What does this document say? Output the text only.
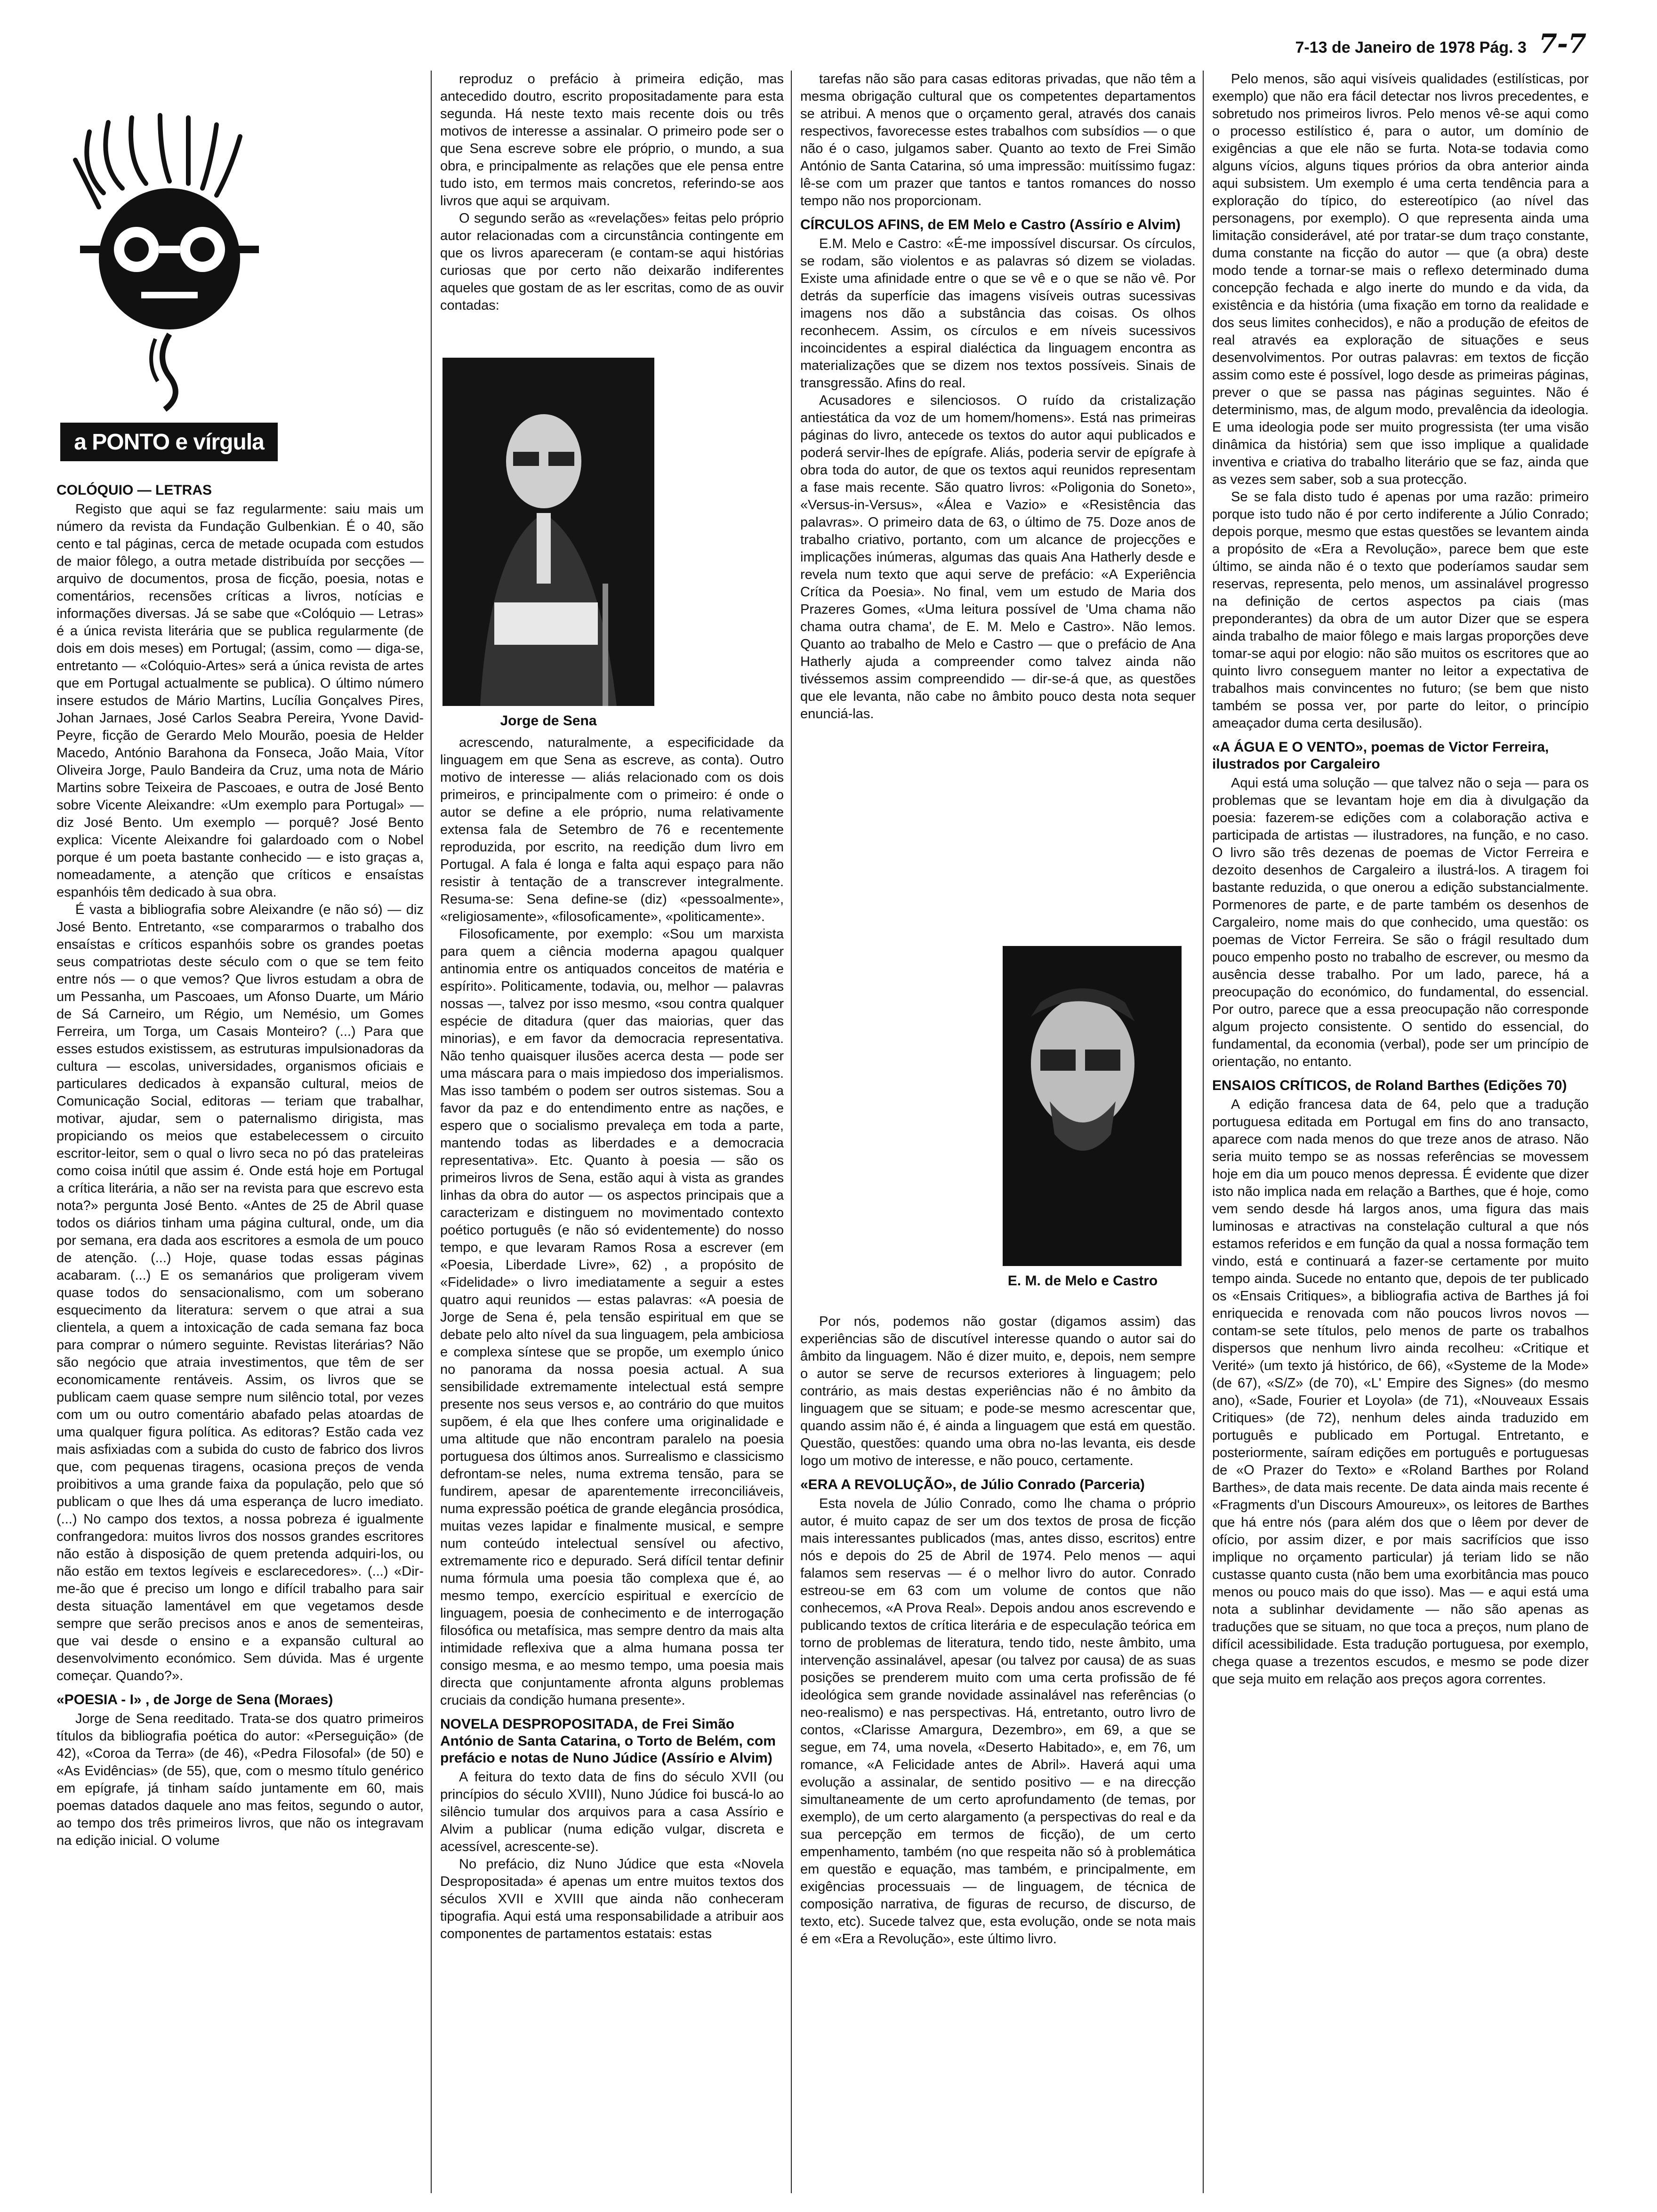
7-13 de Janeiro de 1978 Pág. 3 7-7
a PONTO e vírgula
COLÓQUIO — LETRAS

Registo que aqui se faz regularmente: saiu mais um número da revista da Fundação Gulbenkian. É o 40, são cento e tal páginas, cerca de metade ocupada com estudos de maior fôlego, a outra metade distribuída por secções — arquivo de documentos, prosa de ficção, poesia, notas e comentários, recensões críticas a livros, notícias e informações diversas. Já se sabe que «Colóquio — Letras» é a única revista literária que se publica regularmente (de dois em dois meses) em Portugal; (assim, como — diga-se, entretanto — «Colóquio-Artes» será a única revista de artes que em Portugal actualmente se publica). O último número insere estudos de Mário Martins, Lucília Gonçalves Pires, Johan Jarnaes, José Carlos Seabra Pereira, Yvone David-Peyre, ficção de Gerardo Melo Mourão, poesia de Helder Macedo, António Barahona da Fonseca, João Maia, Vítor Oliveira Jorge, Paulo Bandeira da Cruz, uma nota de Mário Martins sobre Teixeira de Pascoaes, e outra de José Bento sobre Vicente Aleixandre: «Um exemplo para Portugal» — diz José Bento. Um exemplo — porquê? José Bento explica: Vicente Aleixandre foi galardoado com o Nobel porque é um poeta bastante conhecido — e isto graças a, nomeadamente, a atenção que críticos e ensaístas espanhóis têm dedicado à sua obra.

É vasta a bibliografia sobre Aleixandre (e não só) — diz José Bento. Entretanto, «se compararmos o trabalho dos ensaístas e críticos espanhóis sobre os grandes poetas seus compatriotas deste século com o que se tem feito entre nós — o que vemos? Que livros estudam a obra de um Pessanha, um Pascoaes, um Afonso Duarte, um Mário de Sá Carneiro, um Régio, um Nemésio, um Gomes Ferreira, um Torga, um Casais Monteiro? (...) Para que esses estudos existissem, as estruturas impulsionadoras da cultura — escolas, universidades, organismos oficiais e particulares dedicados à expansão cultural, meios de Comunicação Social, editoras — teriam que trabalhar, motivar, ajudar, sem o paternalismo dirigista, mas propiciando os meios que estabelecessem o circuito escritor-leitor, sem o qual o livro seca no pó das prateleiras como coisa inútil que assim é. Onde está hoje em Portugal a crítica literária, a não ser na revista para que escrevo esta nota?» pergunta José Bento. «Antes de 25 de Abril quase todos os diários tinham uma página cultural, onde, um dia por semana, era dada aos escritores a esmola de um pouco de atenção. (...) Hoje, quase todas essas páginas acabaram. (...) E os semanários que proligeram vivem quase todos do sensacionalismo, com um soberano esquecimento da literatura: servem o que atrai a sua clientela, a quem a intoxicação de cada semana faz boca para comprar o número seguinte. Revistas literárias? Não são negócio que atraia investimentos, que têm de ser economicamente rentáveis. Assim, os livros que se publicam caem quase sempre num silêncio total, por vezes com um ou outro comentário abafado pelas atoardas de uma qualquer figura política. As editoras? Estão cada vez mais asfixiadas com a subida do custo de fabrico dos livros que, com pequenas tiragens, ocasiona preços de venda proibitivos a uma grande faixa da população, pelo que só publicam o que lhes dá uma esperança de lucro imediato. (...) No campo dos textos, a nossa pobreza é igualmente confrangedora: muitos livros dos nossos grandes escritores não estão à disposição de quem pretenda adquiri-los, ou não estão em textos legíveis e esclarecedores». (...) «Dir-me-ão que é preciso um longo e difícil trabalho para sair desta situação lamentável em que vegetamos desde sempre que serão precisos anos e anos de sementeiras, que vai desde o ensino e a expansão cultural ao desenvolvimento económico. Sem dúvida. Mas é urgente começar. Quando?».

«POESIA - I» , de Jorge de Sena (Moraes)

Jorge de Sena reeditado. Trata-se dos quatro primeiros títulos da bibliografia poética do autor: «Perseguição» (de 42), «Coroa da Terra» (de 46), «Pedra Filosofal» (de 50) e «As Evidências» (de 55), que, com o mesmo título genérico em epígrafe, já tinham saído juntamente em 60, mais poemas datados daquele ano mas feitos, segundo o autor, ao tempo dos três primeiros livros, que não os integravam na edição inicial. O volume

reproduz o prefácio à primeira edição, mas antecedido doutro, escrito propositadamente para esta segunda. Há neste texto mais recente dois ou três motivos de interesse a assinalar. O primeiro pode ser o que Sena escreve sobre ele próprio, o mundo, a sua obra, e principalmente as relações que ele pensa entre tudo isto, em termos mais concretos, referindo-se aos livros que aqui se arquivam.

O segundo serão as «revelações» feitas pelo próprio autor relacionadas com a circunstância contingente em que os livros apareceram (e contam-se aqui histórias curiosas que por certo não deixarão indiferentes aqueles que gostam de as ler escritas, como de as ouvir contadas:

Jorge de Sena

acrescendo, naturalmente, a especificidade da linguagem em que Sena as escreve, as conta). Outro motivo de interesse — aliás relacionado com os dois primeiros, e principalmente com o primeiro: é onde o autor se define a ele próprio, numa relativamente extensa fala de Setembro de 76 e recentemente reproduzida, por escrito, na reedição dum livro em Portugal. A fala é longa e falta aqui espaço para não resistir à tentação de a transcrever integralmente. Resuma-se: Sena define-se (diz) «pessoalmente», «religiosamente», «filosoficamente», «politicamente».

Filosoficamente, por exemplo: «Sou um marxista para quem a ciência moderna apagou qualquer antinomia entre os antiquados conceitos de matéria e espírito». Politicamente, todavia, ou, melhor — palavras nossas —, talvez por isso mesmo, «sou contra qualquer espécie de ditadura (quer das maiorias, quer das minorias), e em favor da democracia representativa. Não tenho quaisquer ilusões acerca desta — pode ser uma máscara para o mais impiedoso dos imperialismos. Mas isso também o podem ser outros sistemas. Sou a favor da paz e do entendimento entre as nações, e espero que o socialismo prevaleça em toda a parte, mantendo todas as liberdades e a democracia representativa». Etc. Quanto à poesia — são os primeiros livros de Sena, estão aqui à vista as grandes linhas da obra do autor — os aspectos principais que a caracterizam e distinguem no movimentado contexto poético português (e não só evidentemente) do nosso tempo, e que levaram Ramos Rosa a escrever (em «Poesia, Liberdade Livre», 62) , a propósito de «Fidelidade» o livro imediatamente a seguir a estes quatro aqui reunidos — estas palavras: «A poesia de Jorge de Sena é, pela tensão espiritual em que se debate pelo alto nível da sua linguagem, pela ambiciosa e complexa síntese que se propõe, um exemplo único no panorama da nossa poesia actual. A sua sensibilidade extremamente intelectual está sempre presente nos seus versos e, ao contrário do que muitos supõem, é ela que lhes confere uma originalidade e uma altitude que não encontram paralelo na poesia portuguesa dos últimos anos. Surrealismo e classicismo defrontam-se neles, numa extrema tensão, para se fundirem, apesar de aparentemente irreconciliáveis, numa expressão poética de grande elegância prosódica, muitas vezes lapidar e finalmente musical, e sempre num conteúdo intelectual sensível ou afectivo, extremamente rico e depurado. Será difícil tentar definir numa fórmula uma poesia tão complexa que é, ao mesmo tempo, exercício espiritual e exercício de linguagem, poesia de conhecimento e de interrogação filosófica ou metafísica, mas sempre dentro da mais alta intimidade reflexiva que a alma humana possa ter consigo mesma, e ao mesmo tempo, uma poesia mais directa que conjuntamente afronta alguns problemas cruciais da condição humana presente».

NOVELA DESPROPOSITADA, de Frei Simão António de Santa Catarina, o Torto de Belém, com prefácio e notas de Nuno Júdice (Assírio e Alvim)

A feitura do texto data de fins do século XVII (ou princípios do século XVIII), Nuno Júdice foi buscá-lo ao silêncio tumular dos arquivos para a casa Assírio e Alvim a publicar (numa edição vulgar, discreta e acessível, acrescente-se).

No prefácio, diz Nuno Júdice que esta «Novela Despropositada» é apenas um entre muitos textos dos séculos XVII e XVIII que ainda não conheceram tipografia. Aqui está uma responsabilidade a atribuir aos componentes de partamentos estatais: estas

tarefas não são para casas editoras privadas, que não têm a mesma obrigação cultural que os competentes departamentos se atribui. A menos que o orçamento geral, através dos canais respectivos, favorecesse estes trabalhos com subsídios — o que não é o caso, julgamos saber. Quanto ao texto de Frei Simão António de Santa Catarina, só uma impressão: muitíssimo fugaz: lê-se com um prazer que tantos e tantos romances do nosso tempo não nos proporcionam.

CÍRCULOS AFINS, de EM Melo e Castro (Assírio e Alvim)

E.M. Melo e Castro: «É-me impossível discursar. Os círculos, se rodam, são violentos e as palavras só dizem se violadas. Existe uma afinidade entre o que se vê e o que se não vê. Por detrás da superfície das imagens visíveis outras sucessivas imagens nos dão a substância das coisas. Os olhos reconhecem. Assim, os círculos e em níveis sucessivos incoincidentes a espiral dialéctica da linguagem encontra as materializações que se dizem nos textos possíveis. Sinais de transgressão. Afins do real.

Acusadores e silenciosos. O ruído da cristalização antiestática da voz de um homem/homens». Está nas primeiras páginas do livro, antecede os textos do autor aqui publicados e poderá servir-lhes de epígrafe. Aliás, poderia servir de epígrafe à obra toda do autor, de que os textos aqui reunidos representam a fase mais recente. São quatro livros: «Poligonia do Soneto», «Versus-in-Versus», «Álea e Vazio» e «Resistência das palavras». O primeiro data de 63, o último de 75. Doze anos de trabalho criativo, portanto, com um alcance de projecções e implicações inúmeras, algumas das quais Ana Hatherly desde e revela num texto que aqui serve de prefácio: «A Experiência Crítica da Poesia». No final, vem um estudo de Maria dos Prazeres Gomes, «Uma leitura possível de 'Uma chama não chama outra chama', de E. M. Melo e Castro». Não lemos. Quanto ao trabalho de Melo e Castro — que o prefácio de Ana Hatherly ajuda a compreender como talvez ainda não tivéssemos assim compreendido — dir-se-á que, as questões que ele levanta, não cabe no âmbito pouco desta nota sequer enunciá-las.

E. M. de Melo e Castro

Por nós, podemos não gostar (digamos assim) das experiências são de discutível interesse quando o autor sai do âmbito da linguagem. Não é dizer muito, e, depois, nem sempre o autor se serve de recursos exteriores à linguagem; pelo contrário, as mais destas experiências não é no âmbito da linguagem que se situam; e pode-se mesmo acrescentar que, quando assim não é, é ainda a linguagem que está em questão. Questão, questões: quando uma obra no-las levanta, eis desde logo um motivo de interesse, e não pouco, certamente.

«ERA A REVOLUÇÃO», de Júlio Conrado (Parceria)

Esta novela de Júlio Conrado, como lhe chama o próprio autor, é muito capaz de ser um dos textos de prosa de ficção mais interessantes publicados (mas, antes disso, escritos) entre nós e depois do 25 de Abril de 1974. Pelo menos — aqui falamos sem reservas — é o melhor livro do autor. Conrado estreou-se em 63 com um volume de contos que não conhecemos, «A Prova Real». Depois andou anos escrevendo e publicando textos de crítica literária e de especulação teórica em torno de problemas de literatura, tendo tido, neste âmbito, uma intervenção assinalável, apesar (ou talvez por causa) de as suas posições se prenderem muito com uma certa profissão de fé ideológica sem grande novidade assinalável nas referências (o neo-realismo) e nas perspectivas. Há, entretanto, outro livro de contos, «Clarisse Amargura, Dezembro», em 69, a que se segue, em 74, uma novela, «Deserto Habitado», e, em 76, um romance, «A Felicidade antes de Abril». Haverá aqui uma evolução a assinalar, de sentido positivo — e na direcção simultaneamente de um certo aprofundamento (de temas, por exemplo), de um certo alargamento (a perspectivas do real e da sua percepção em termos de ficção), de um certo empenhamento, também (no que respeita não só à problemática em questão e equação, mas também, e principalmente, em exigências processuais — de linguagem, de técnica de composição narrativa, de figuras de recurso, de discurso, de texto, etc). Sucede talvez que, esta evolução, onde se nota mais é em «Era a Revolução», este último livro.

Pelo menos, são aqui visíveis qualidades (estilísticas, por exemplo) que não era fácil detectar nos livros precedentes, e sobretudo nos primeiros livros. Pelo menos vê-se aqui como o processo estilístico é, para o autor, um domínio de exigências a que ele não se furta. Nota-se todavia como alguns vícios, alguns tiques prórios da obra anterior ainda aqui subsistem. Um exemplo é uma certa tendência para a exploração do típico, do estereotípico (ao nível das personagens, por exemplo). O que representa ainda uma limitação considerável, até por tratar-se dum traço constante, duma constante na ficção do autor — que (a obra) deste modo tende a tornar-se mais o reflexo determinado duma concepção fechada e algo inerte do mundo e da vida, da existência e da história (uma fixação em torno da realidade e dos seus limites conhecidos), e não a produção de efeitos de real através ea exploração de situações e seus desenvolvimentos. Por outras palavras: em textos de ficção assim como este é possível, logo desde as primeiras páginas, prever o que se passa nas páginas seguintes. Não é determinismo, mas, de algum modo, prevalência da ideologia. E uma ideologia pode ser muito progressista (ter uma visão dinâmica da história) sem que isso implique a qualidade inventiva e criativa do trabalho literário que se faz, ainda que as vezes sem saber, sob a sua protecção.

Se se fala disto tudo é apenas por uma razão: primeiro porque isto tudo não é por certo indiferente a Júlio Conrado; depois porque, mesmo que estas questões se levantem ainda a propósito de «Era a Revolução», parece bem que este último, se ainda não é o texto que poderíamos saudar sem reservas, representa, pelo menos, um assinalável progresso na definição de certos aspectos pa ciais (mas preponderantes) da obra de um autor Dizer que se espera ainda trabalho de maior fôlego e mais largas proporções deve tomar-se aqui por elogio: não são muitos os escritores que ao quinto livro conseguem manter no leitor a expectativa de trabalhos mais convincentes no futuro; (se bem que nisto também se possa ver, por parte do leitor, o princípio ameaçador duma certa desilusão).

«A ÁGUA E O VENTO», poemas de Victor Ferreira, ilustrados por Cargaleiro

Aqui está uma solução — que talvez não o seja — para os problemas que se levantam hoje em dia à divulgação da poesia: fazerem-se edições com a colaboração activa e participada de artistas — ilustradores, na função, e no caso. O livro são três dezenas de poemas de Victor Ferreira e dezoito desenhos de Cargaleiro a ilustrá-los. A tiragem foi bastante reduzida, o que onerou a edição substancialmente. Pormenores de parte, e de parte também os desenhos de Cargaleiro, nome mais do que conhecido, uma questão: os poemas de Victor Ferreira. Se são o frágil resultado dum pouco empenho posto no trabalho de escrever, ou mesmo da ausência desse trabalho. Por um lado, parece, há a preocupação do económico, do fundamental, do essencial. Por outro, parece que a essa preocupação não corresponde algum projecto consistente. O sentido do essencial, do fundamental, da economia (verbal), pode ser um princípio de orientação, no entanto.

ENSAIOS CRÍTICOS, de Roland Barthes (Edições 70)

A edição francesa data de 64, pelo que a tradução portuguesa editada em Portugal em fins do ano transacto, aparece com nada menos do que treze anos de atraso. Não seria muito tempo se as nossas referências se movessem hoje em dia um pouco menos depressa. É evidente que dizer isto não implica nada em relação a Barthes, que é hoje, como vem sendo desde há largos anos, uma figura das mais luminosas e atractivas na constelação cultural a que nós estamos referidos e em função da qual a nossa formação tem vindo, está e continuará a fazer-se certamente por muito tempo ainda. Sucede no entanto que, depois de ter publicado os «Ensais Critiques», a bibliografia activa de Barthes já foi enriquecida e renovada com não poucos livros novos — contam-se sete títulos, pelo menos de parte os trabalhos dispersos que nenhum livro ainda recolheu: «Critique et Verité» (um texto já histórico, de 66), «Systeme de la Mode» (de 67), «S/Z» (de 70), «L' Empire des Signes» (do mesmo ano), «Sade, Fourier et Loyola» (de 71), «Nouveaux Essais Critiques» (de 72), nenhum deles ainda traduzido em português e publicado em Portugal. Entretanto, e posteriormente, saíram edições em português e portuguesas de «O Prazer do Texto» e «Roland Barthes por Roland Barthes», de data mais recente. De data ainda mais recente é «Fragments d'un Discours Amoureux», os leitores de Barthes que há entre nós (para além dos que o lêem por dever de ofício, por assim dizer, e por mais sacrifícios que isso implique no orçamento particular) já teriam lido se não custasse quanto custa (não bem uma exorbitância mas pouco menos ou pouco mais do que isso). Mas — e aqui está uma nota a sublinhar devidamente — não são apenas as traduções que se situam, no que toca a preços, num plano de difícil acessibilidade. Esta tradução portuguesa, por exemplo, chega quase a trezentos escudos, e mesmo se pode dizer que seja muito em relação aos preços agora correntes.
